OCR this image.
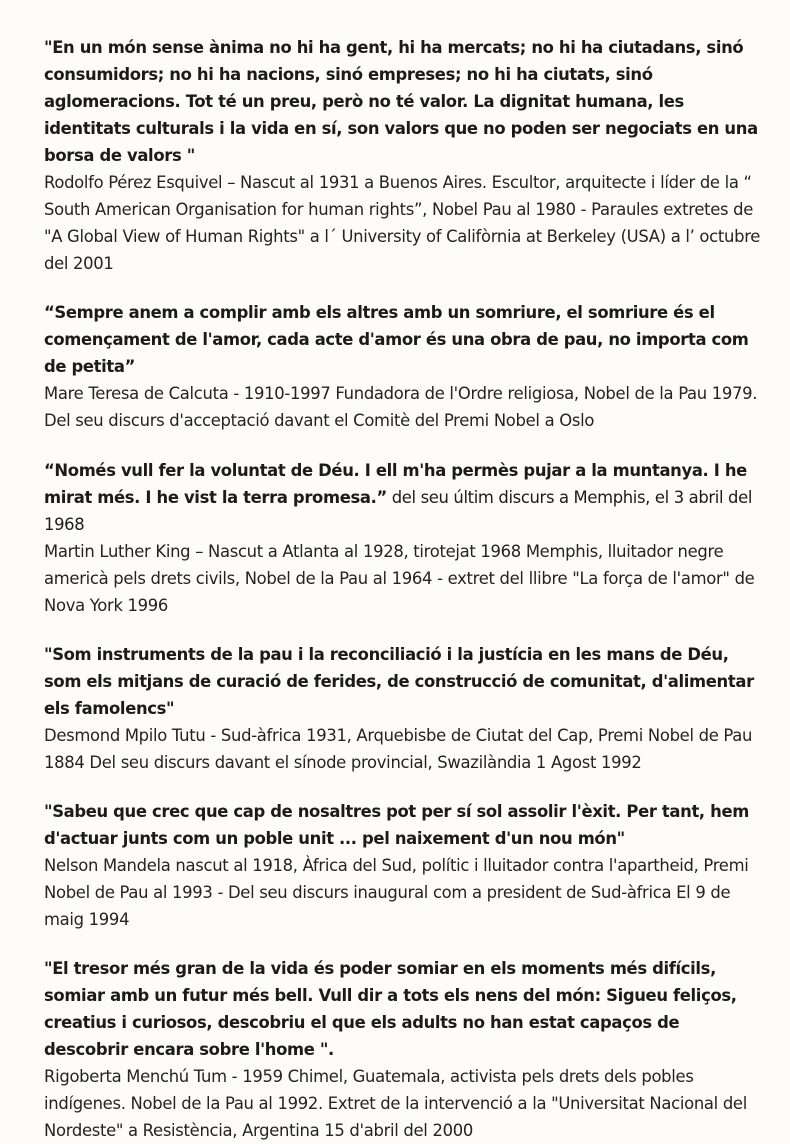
"En un món sense ànima no hi ha gent, hi ha mercats; no hi ha ciutadans, sinó consumidors; no hi ha nacions, sinó empreses; no hi ha ciutats, sinó aglomeracions. Tot té un preu, però no té valor. La dignitat humana, les identitats culturals i la vida en sí, son valors que no poden ser negociats en una borsa de valors "

Rodolfo Pérez Esquivel – Nascut al 1931 a Buenos Aires. Escultor, arquitecte i líder de la “ South American Organisation for human rights”, Nobel Pau al 1980 - Paraules extretes de "A Global View of Human Rights" a l´ University of Califòrnia at Berkeley (USA) a l’ octubre del 2001

“Sempre anem a complir amb els altres amb un somriure, el somriure és el començament de l'amor, cada acte d'amor és una obra de pau, no importa com de petita”

Mare Teresa de Calcuta - 1910-1997 Fundadora de l'Ordre religiosa, Nobel de la Pau 1979. Del seu discurs d'acceptació davant el Comitè del Premi Nobel a Oslo

“Només vull fer la voluntat de Déu. I ell m'ha permès pujar a la muntanya. I he mirat més. I he vist la terra promesa.” del seu últim discurs a Memphis, el 3 abril del 1968

Martin Luther King – Nascut a Atlanta al 1928, tirotejat 1968 Memphis, lluitador negre americà pels drets civils, Nobel de la Pau al 1964 - extret del llibre "La força de l'amor" de Nova York 1996

"Som instruments de la pau i la reconciliació i la justícia en les mans de Déu, som els mitjans de curació de ferides, de construcció de comunitat, d'alimentar els famolencs"

Desmond Mpilo Tutu - Sud-àfrica 1931, Arquebisbe de Ciutat del Cap, Premi Nobel de Pau 1884 Del seu discurs davant el sínode provincial, Swazilàndia 1 Agost 1992

"Sabeu que crec que cap de nosaltres pot per sí sol assolir l'èxit. Per tant, hem d'actuar junts com un poble unit ... pel naixement d'un nou món"

Nelson Mandela nascut al 1918, Àfrica del Sud, polític i lluitador contra l'apartheid, Premi Nobel de Pau al 1993 - Del seu discurs inaugural com a president de Sud-àfrica El 9 de maig 1994

"El tresor més gran de la vida és poder somiar en els moments més difícils, somiar amb un futur més bell. Vull dir a tots els nens del món: Sigueu feliços, creatius i curiosos, descobriu el que els adults no han estat capaços de descobrir encara sobre l'home ".

Rigoberta Menchú Tum - 1959 Chimel, Guatemala, activista pels drets dels pobles indígenes. Nobel de la Pau al 1992. Extret de la intervenció a la "Universitat Nacional del Nordeste" a Resistència, Argentina 15 d'abril del 2000
